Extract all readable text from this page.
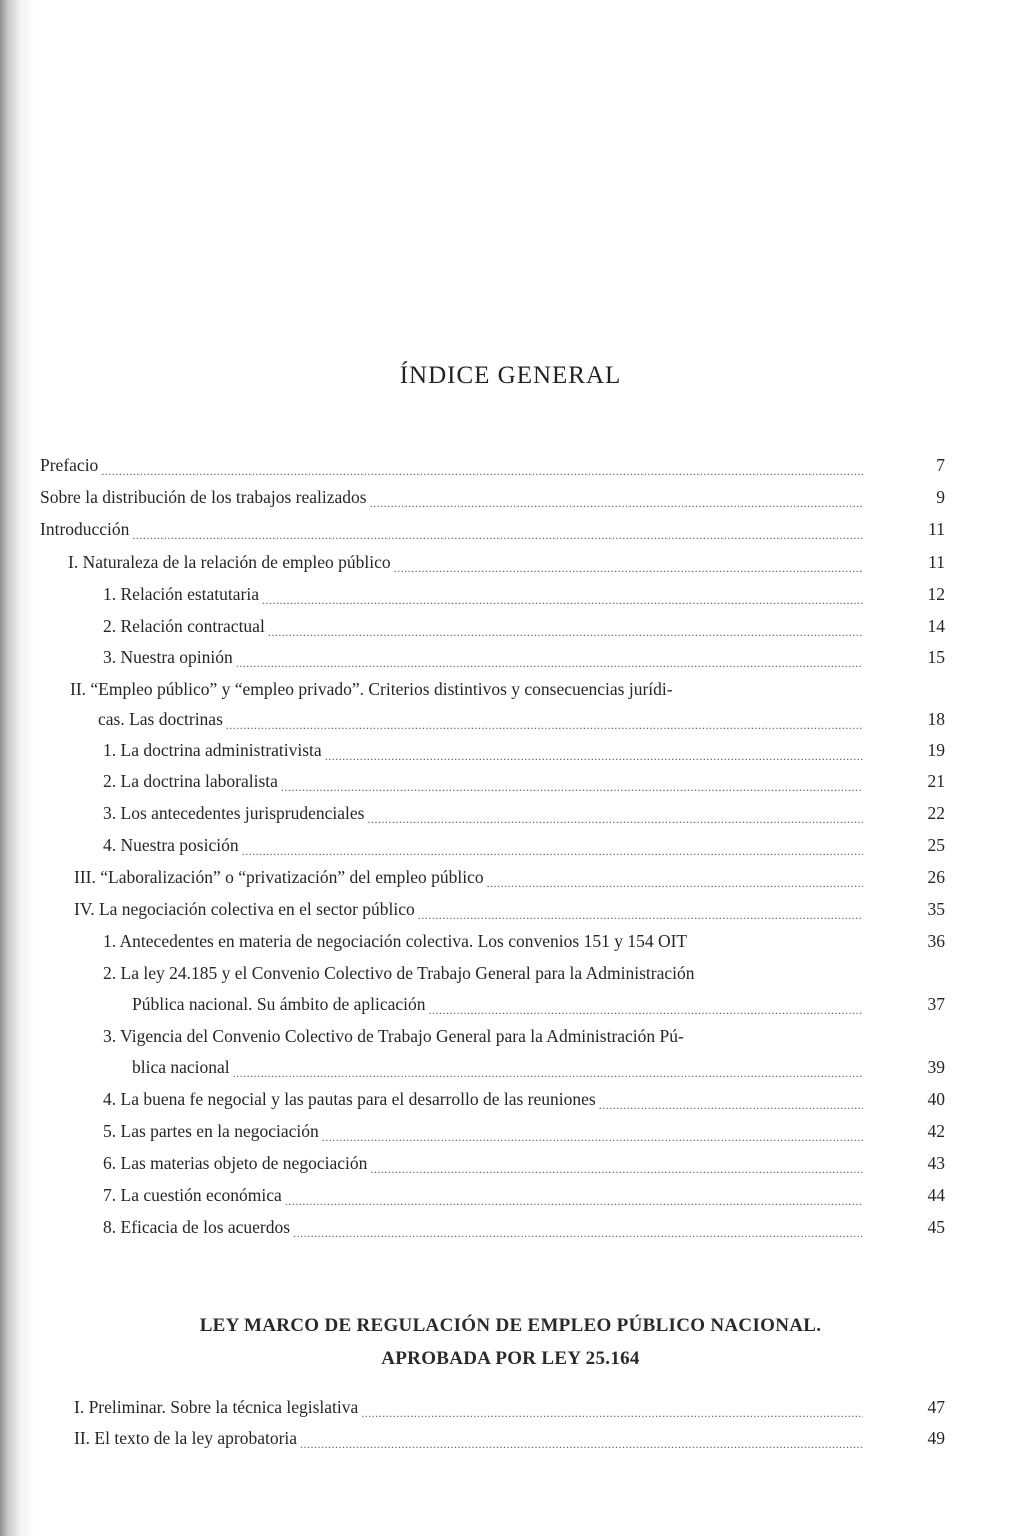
ÍNDICE GENERAL
Prefacio .....	7
Sobre la distribución de los trabajos realizados .....	9
Introducción .....	11
I. Naturaleza de la relación de empleo público .....	11
1. Relación estatutaria .....	12
2. Relación contractual .....	14
3. Nuestra opinión .....	15
II. “Empleo público” y “empleo privado”. Criterios distintivos y consecuencias jurídi-
cas. Las doctrinas .....	18
1. La doctrina administrativista .....	19
2. La doctrina laboralista .....	21
3. Los antecedentes jurisprudenciales .....	22
4. Nuestra posición .....	25
III. “Laboralización” o “privatización” del empleo público .....	26
IV. La negociación colectiva en el sector público .....	35
1. Antecedentes en materia de negociación colectiva. Los convenios 151 y 154 OIT	36
2. La ley 24.185 y el Convenio Colectivo de Trabajo General para la Administración
Pública nacional. Su ámbito de aplicación .....	37
3. Vigencia del Convenio Colectivo de Trabajo General para la Administración Pú-
blica nacional .....	39
4. La buena fe negocial y las pautas para el desarrollo de las reuniones .....	40
5. Las partes en la negociación .....	42
6. Las materias objeto de negociación .....	43
7. La cuestión económica .....	44
8. Eficacia de los acuerdos .....	45
LEY MARCO DE REGULACIÓN DE EMPLEO PÚBLICO NACIONAL.
APROBADA POR LEY 25.164
I. Preliminar. Sobre la técnica legislativa .....	47
II. El texto de la ley aprobatoria .....	49
